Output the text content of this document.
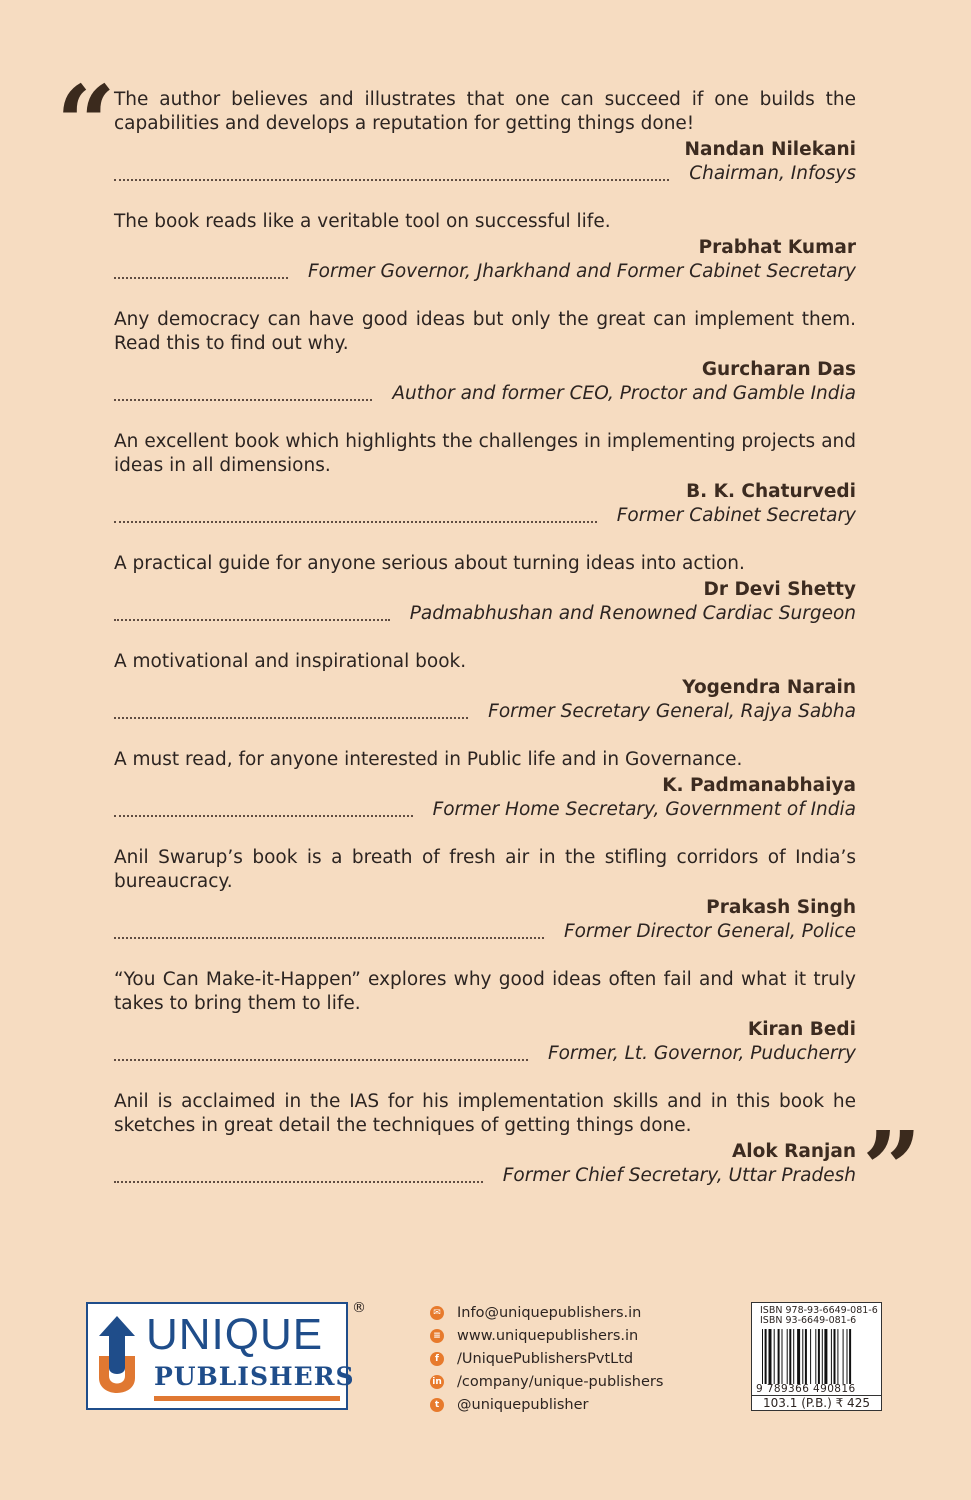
“
”

The author believes and illustrates that one can succeed if one builds the capabilities and develops a reputation for getting things done!

Nandan Nilekani
Chairman, Infosys

The book reads like a veritable tool on successful life.

Prabhat Kumar
Former Governor, Jharkhand and Former Cabinet Secretary

Any democracy can have good ideas but only the great can implement them. Read this to find out why.

Gurcharan Das
Author and former CEO, Proctor and Gamble India

An excellent book which highlights the challenges in implementing projects and ideas in all dimensions.

B. K. Chaturvedi
Former Cabinet Secretary

A practical guide for anyone serious about turning ideas into action.

Dr Devi Shetty
Padmabhushan and Renowned Cardiac Surgeon

A motivational and inspirational book.

Yogendra Narain
Former Secretary General, Rajya Sabha

A must read, for anyone interested in Public life and in Governance.

K. Padmanabhaiya
Former Home Secretary, Government of India

Anil Swarup’s book is a breath of fresh air in the stifling corridors of India’s bureaucracy.

Prakash Singh
Former Director General, Police

“You Can Make-it-Happen” explores why good ideas often fail and what it truly takes to bring them to life.

Kiran Bedi
Former, Lt. Governor, Puducherry

Anil is acclaimed in the IAS for his implementation skills and in this book he sketches in great detail the techniques of getting things done.

Alok Ranjan
Former Chief Secretary, Uttar Pradesh
UNIQUE
PUBLISHERS
®	✉ Info@uniquepublishers.in
≡ www.uniquepublishers.in
f	/UniquePublishersPvtLtd
in /company/unique-publishers
t	@uniquepublisher
ISBN 978-93-6649-081-6
ISBN 93-6649-081-6
9 789366 490816
103.1 (P.B.) ₹ 425
